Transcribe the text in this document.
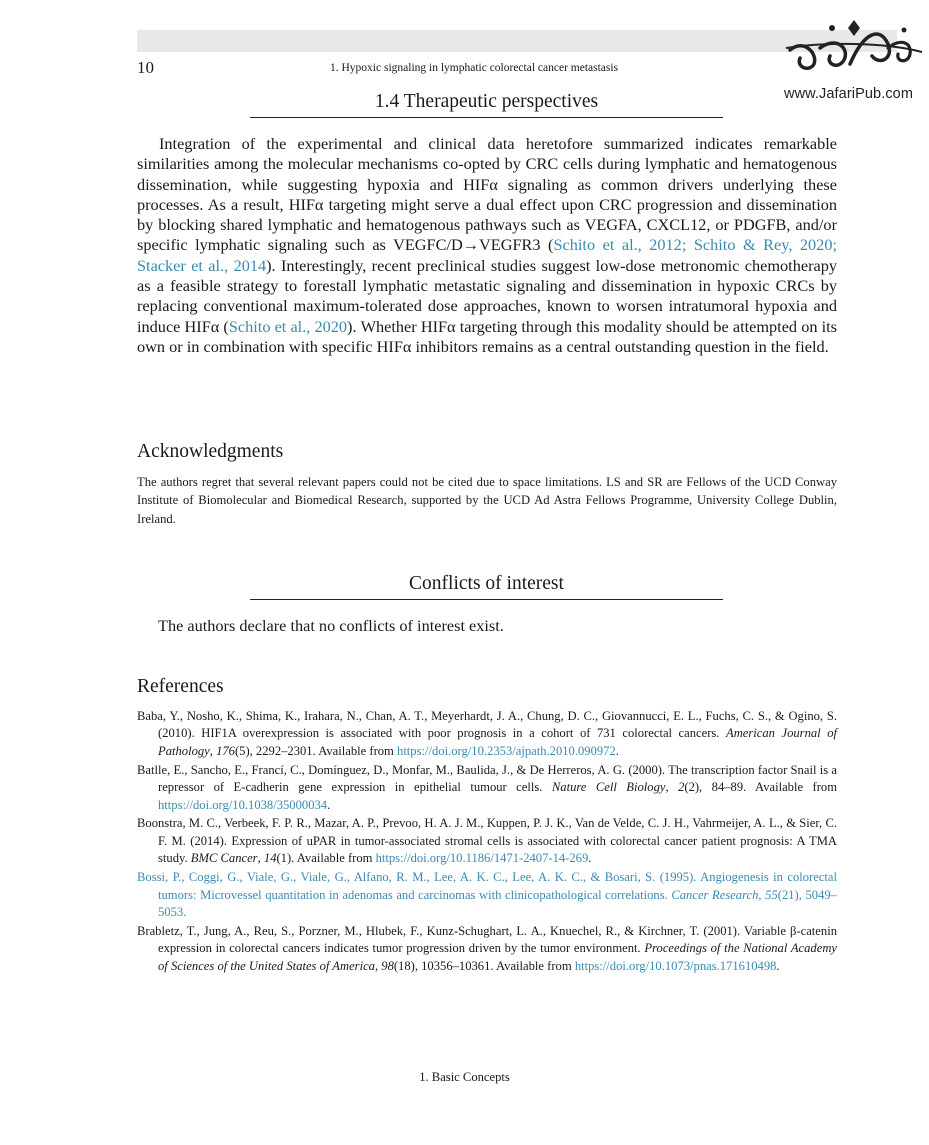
10	1. Hypoxic signaling in lymphatic colorectal cancer metastasis
www.JafariPub.com
1.4 Therapeutic perspectives

Integration of the experimental and clinical data heretofore summarized indicates remarkable similarities among the molecular mechanisms co-opted by CRC cells during lymphatic and hematogenous dissemination, while suggesting hypoxia and HIFα signaling as common drivers underlying these processes. As a result, HIFα targeting might serve a dual effect upon CRC progression and dissemination by blocking shared lymphatic and hematogenous pathways such as VEGFA, CXCL12, or PDGFB, and/or specific lymphatic signaling such as VEGFC/D→VEGFR3 (Schito et al., 2012; Schito & Rey, 2020; Stacker et al., 2014). Interestingly, recent preclinical studies suggest low-dose metronomic chemotherapy as a feasible strategy to forestall lymphatic metastatic signaling and dissemination in hypoxic CRCs by replacing conventional maximum-tolerated dose approaches, known to worsen intratumoral hypoxia and induce HIFα (Schito et al., 2020). Whether HIFα targeting through this modality should be attempted on its own or in combination with specific HIFα inhibitors remains as a central outstanding question in the field.

Acknowledgments

The authors regret that several relevant papers could not be cited due to space limitations. LS and SR are Fellows of the UCD Conway Institute of Biomolecular and Biomedical Research, supported by the UCD Ad Astra Fellows Programme, University College Dublin, Ireland.

Conflicts of interest

The authors declare that no conflicts of interest exist.

References
Baba, Y., Nosho, K., Shima, K., Irahara, N., Chan, A. T., Meyerhardt, J. A., Chung, D. C., Giovannucci, E. L., Fuchs, C. S., & Ogino, S. (2010). HIF1A overexpression is associated with poor prognosis in a cohort of 731 colorectal cancers. American Journal of Pathology, 176(5), 2292–2301. Available from https://doi.org/10.2353/ajpath.2010.090972.
Batlle, E., Sancho, E., Francí, C., Domínguez, D., Monfar, M., Baulida, J., & De Herreros, A. G. (2000). The transcription factor Snail is a repressor of E-cadherin gene expression in epithelial tumour cells. Nature Cell Biology, 2(2), 84–89. Available from https://doi.org/10.1038/35000034.
Boonstra, M. C., Verbeek, F. P. R., Mazar, A. P., Prevoo, H. A. J. M., Kuppen, P. J. K., Van de Velde, C. J. H., Vahrmeijer, A. L., & Sier, C. F. M. (2014). Expression of uPAR in tumor-associated stromal cells is associated with colorectal cancer patient prognosis: A TMA study. BMC Cancer, 14(1). Available from https://doi.org/10.1186/1471-2407-14-269.
Bossi, P., Coggi, G., Viale, G., Viale, G., Alfano, R. M., Lee, A. K. C., Lee, A. K. C., & Bosari, S. (1995). Angiogenesis in colorectal tumors: Microvessel quantitation in adenomas and carcinomas with clinicopathological correlations. Cancer Research, 55(21), 5049–5053.
Brabletz, T., Jung, A., Reu, S., Porzner, M., Hlubek, F., Kunz-Schughart, L. A., Knuechel, R., & Kirchner, T. (2001). Variable β-catenin expression in colorectal cancers indicates tumor progression driven by the tumor environment. Proceedings of the National Academy of Sciences of the United States of America, 98(18), 10356–10361. Available from https://doi.org/10.1073/pnas.171610498.
1. Basic Concepts
